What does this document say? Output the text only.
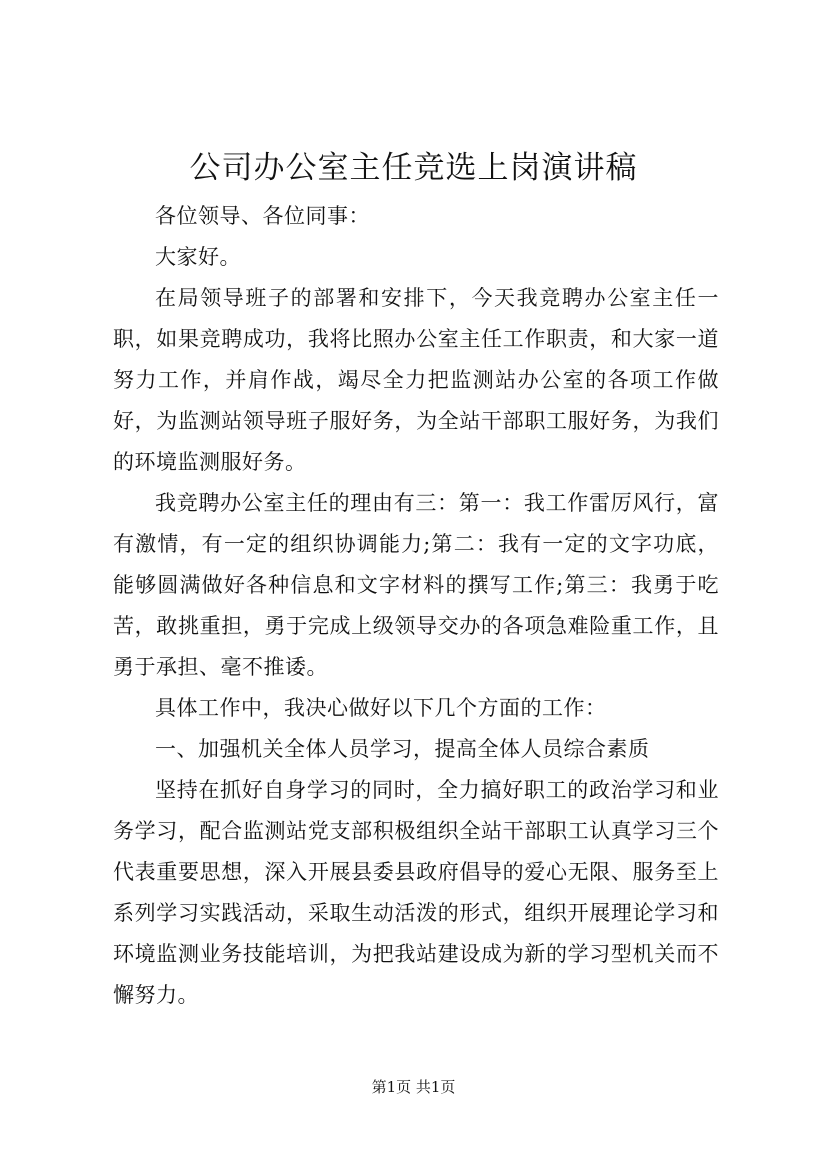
公司办公室主任竞选上岗演讲稿

各位领导、各位同事：

大家好。

在局领导班子的部署和安排下，今天我竞聘办公室主任一职，如果竞聘成功，我将比照办公室主任工作职责，和大家一道努力工作，并肩作战，竭尽全力把监测站办公室的各项工作做好，为监测站领导班子服好务，为全站干部职工服好务，为我们的环境监测服好务。

我竞聘办公室主任的理由有三：第一：我工作雷厉风行，富有激情，有一定的组织协调能力;第二：我有一定的文字功底，能够圆满做好各种信息和文字材料的撰写工作;第三：我勇于吃苦，敢挑重担，勇于完成上级领导交办的各项急难险重工作，且勇于承担、毫不推诿。

具体工作中，我决心做好以下几个方面的工作：

一、加强机关全体人员学习，提高全体人员综合素质

坚持在抓好自身学习的同时，全力搞好职工的政治学习和业务学习，配合监测站党支部积极组织全站干部职工认真学习三个代表重要思想，深入开展县委县政府倡导的爱心无限、服务至上系列学习实践活动，采取生动活泼的形式，组织开展理论学习和环境监测业务技能培训，为把我站建设成为新的学习型机关而不懈努力。

第1页 共1页
